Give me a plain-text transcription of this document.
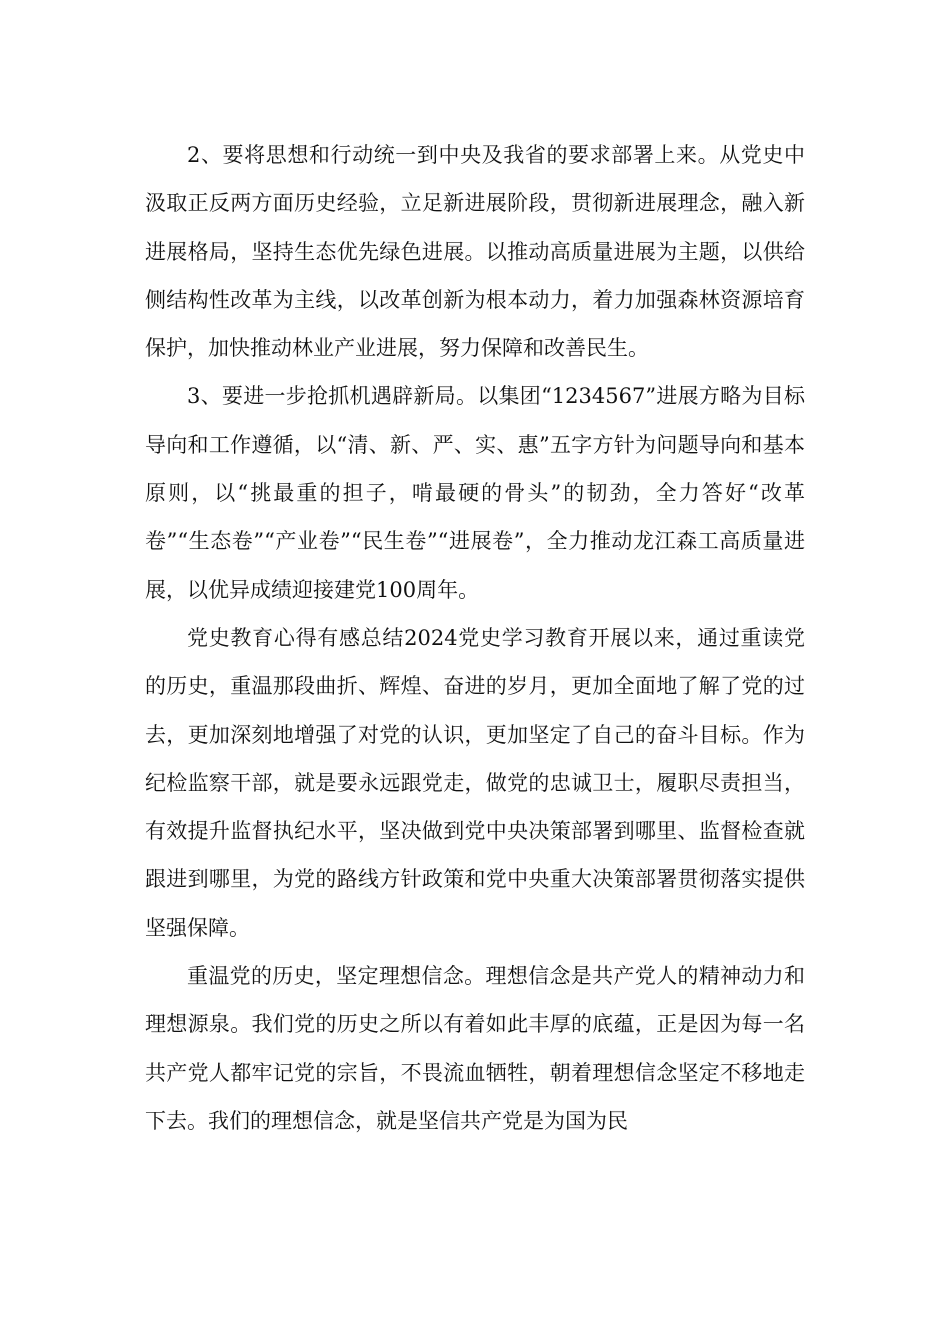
2、要将思想和行动统一到中央及我省的要求部署上来。从党史中汲取正反两方面历史经验，立足新进展阶段，贯彻新进展理念，融入新进展格局，坚持生态优先绿色进展。以推动高质量进展为主题，以供给侧结构性改革为主线，以改革创新为根本动力，着力加强森林资源培育保护，加快推动林业产业进展，努力保障和改善民生。

3、要进一步抢抓机遇辟新局。以集团“1234567”进展方略为目标导向和工作遵循，以“清、新、严、实、惠”五字方针为问题导向和基本原则，以“挑最重的担子，啃最硬的骨头”的韧劲，全力答好“改革卷”“生态卷”“产业卷”“民生卷”“进展卷”，全力推动龙江森工高质量进展，以优异成绩迎接建党100周年。

党史教育心得有感总结2024党史学习教育开展以来，通过重读党的历史，重温那段曲折、辉煌、奋进的岁月，更加全面地了解了党的过去，更加深刻地增强了对党的认识，更加坚定了自己的奋斗目标。作为纪检监察干部，就是要永远跟党走，做党的忠诚卫士，履职尽责担当，有效提升监督执纪水平，坚决做到党中央决策部署到哪里、监督检查就跟进到哪里，为党的路线方针政策和党中央重大决策部署贯彻落实提供坚强保障。

重温党的历史，坚定理想信念。理想信念是共产党人的精神动力和理想源泉。我们党的历史之所以有着如此丰厚的底蕴，正是因为每一名共产党人都牢记党的宗旨，不畏流血牺牲，朝着理想信念坚定不移地走下去。我们的理想信念，就是坚信共产党是为国为民
